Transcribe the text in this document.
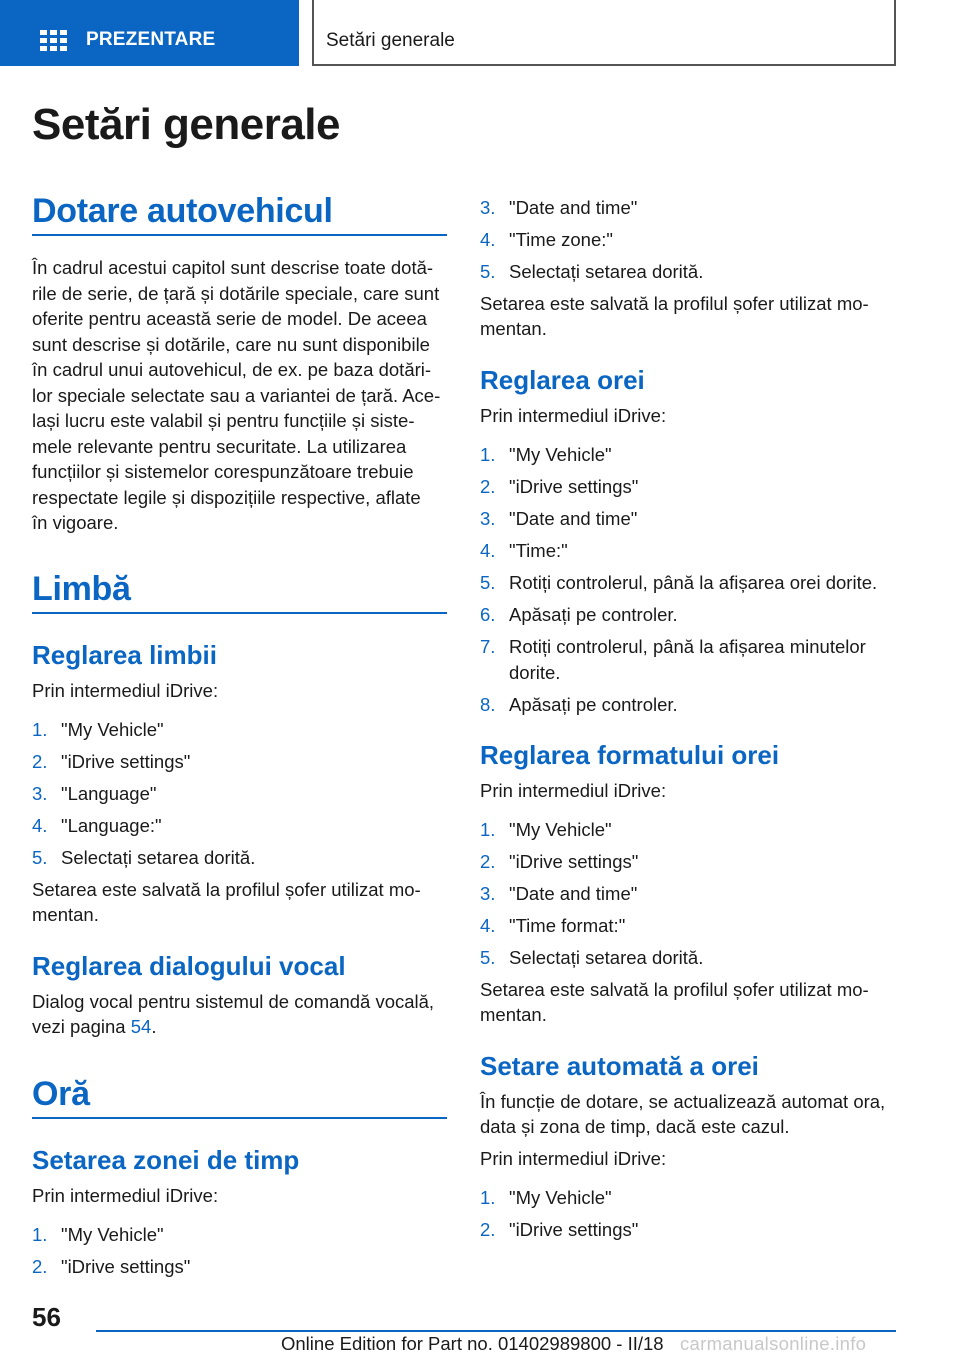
PREZENTARE	Setări generale
Setări generale
Dotare autovehicul
În cadrul acestui capitol sunt descrise toate dotă-
rile de serie, de țară și dotările speciale, care sunt
oferite pentru această serie de model. De aceea
sunt descrise și dotările, care nu sunt disponibile
în cadrul unui autovehicul, de ex. pe baza dotări-
lor speciale selectate sau a variantei de țară. Ace-
lași lucru este valabil și pentru funcțiile și siste-
mele relevante pentru securitate. La utilizarea
funcțiilor și sistemelor corespunzătoare trebuie
respectate legile și dispozițiile respective, aflate
în vigoare.
Limbă
Reglarea limbii
Prin intermediul iDrive:
1. "My Vehicle"
2. "iDrive settings"
3. "Language"
4. "Language:"
5. Selectați setarea dorită.
Setarea este salvată la profilul șofer utilizat mo-
mentan.
Reglarea dialogului vocal
Dialog vocal pentru sistemul de comandă vocală,
vezi pagina 54.
Oră
Setarea zonei de timp
Prin intermediul iDrive:
1. "My Vehicle"
2. "iDrive settings"
3. "Date and time"
4. "Time zone:"
5. Selectați setarea dorită.
Setarea este salvată la profilul șofer utilizat mo-
mentan.
Reglarea orei
Prin intermediul iDrive:
1. "My Vehicle"
2. "iDrive settings"
3. "Date and time"
4. "Time:"
5. Rotiți controlerul, până la afișarea orei dorite.
6. Apăsați pe controler.
7. Rotiți controlerul, până la afișarea minutelor
dorite.
8. Apăsați pe controler.
Reglarea formatului orei
Prin intermediul iDrive:
1. "My Vehicle"
2. "iDrive settings"
3. "Date and time"
4. "Time format:"
5. Selectați setarea dorită.
Setarea este salvată la profilul șofer utilizat mo-
mentan.
Setare automată a orei
În funcție de dotare, se actualizează automat ora,
data și zona de timp, dacă este cazul.
Prin intermediul iDrive:
1. "My Vehicle"
2. "iDrive settings"
56
Online Edition for Part no. 01402989800 - II/18 carmanualsonline.info
